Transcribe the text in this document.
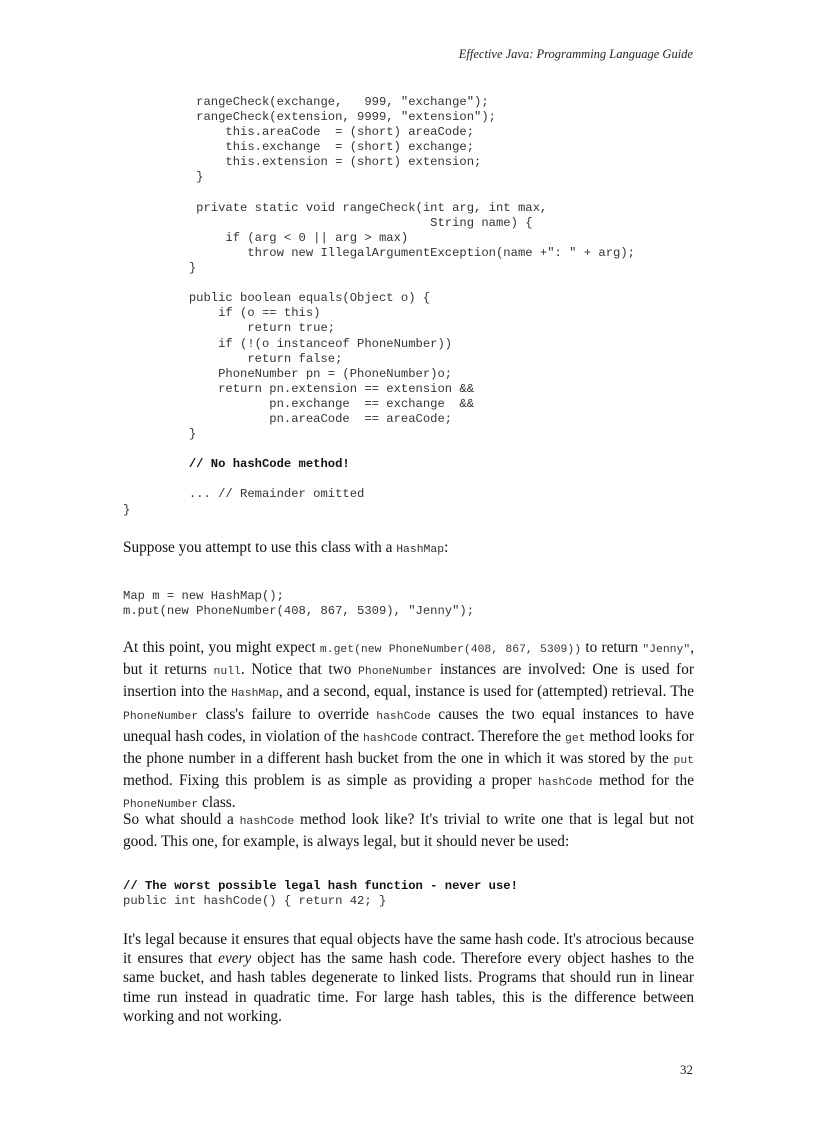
Effective Java: Programming Language Guide
rangeCheck(exchange,   999, "exchange");
rangeCheck(extension, 9999, "extension");
this.areaCode  = (short) areaCode;
this.exchange  = (short) exchange;
this.extension = (short) extension;
}

private static void rangeCheck(int arg, int max,
String name) {
if (arg < 0 || arg > max)
throw new IllegalArgumentException(name +": " + arg);
}

public boolean equals(Object o) {
if (o == this)
return true;
if (!(o instanceof PhoneNumber))
return false;
PhoneNumber pn = (PhoneNumber)o;
return pn.extension == extension &&
pn.exchange  == exchange  &&
pn.areaCode  == areaCode;
}

// No hashCode method!

... // Remainder omitted
}

Suppose you attempt to use this class with a HashMap:

Map m = new HashMap();
m.put(new PhoneNumber(408, 867, 5309), "Jenny");

At this point, you might expect m.get(new PhoneNumber(408, 867, 5309)) to return "Jenny", but it returns null. Notice that two PhoneNumber instances are involved: One is used for insertion into the HashMap, and a second, equal, instance is used for (attempted) retrieval. The PhoneNumber class's failure to override hashCode causes the two equal instances to have unequal hash codes, in violation of the hashCode contract. Therefore the get method looks for the phone number in a different hash bucket from the one in which it was stored by the put method. Fixing this problem is as simple as providing a proper hashCode method for the PhoneNumber class.

So what should a hashCode method look like? It's trivial to write one that is legal but not good. This one, for example, is always legal, but it should never be used:

// The worst possible legal hash function - never use!
public int hashCode() { return 42; }

It's legal because it ensures that equal objects have the same hash code. It's atrocious because it ensures that every object has the same hash code. Therefore every object hashes to the same bucket, and hash tables degenerate to linked lists. Programs that should run in linear time run instead in quadratic time. For large hash tables, this is the difference between working and not working.

32
